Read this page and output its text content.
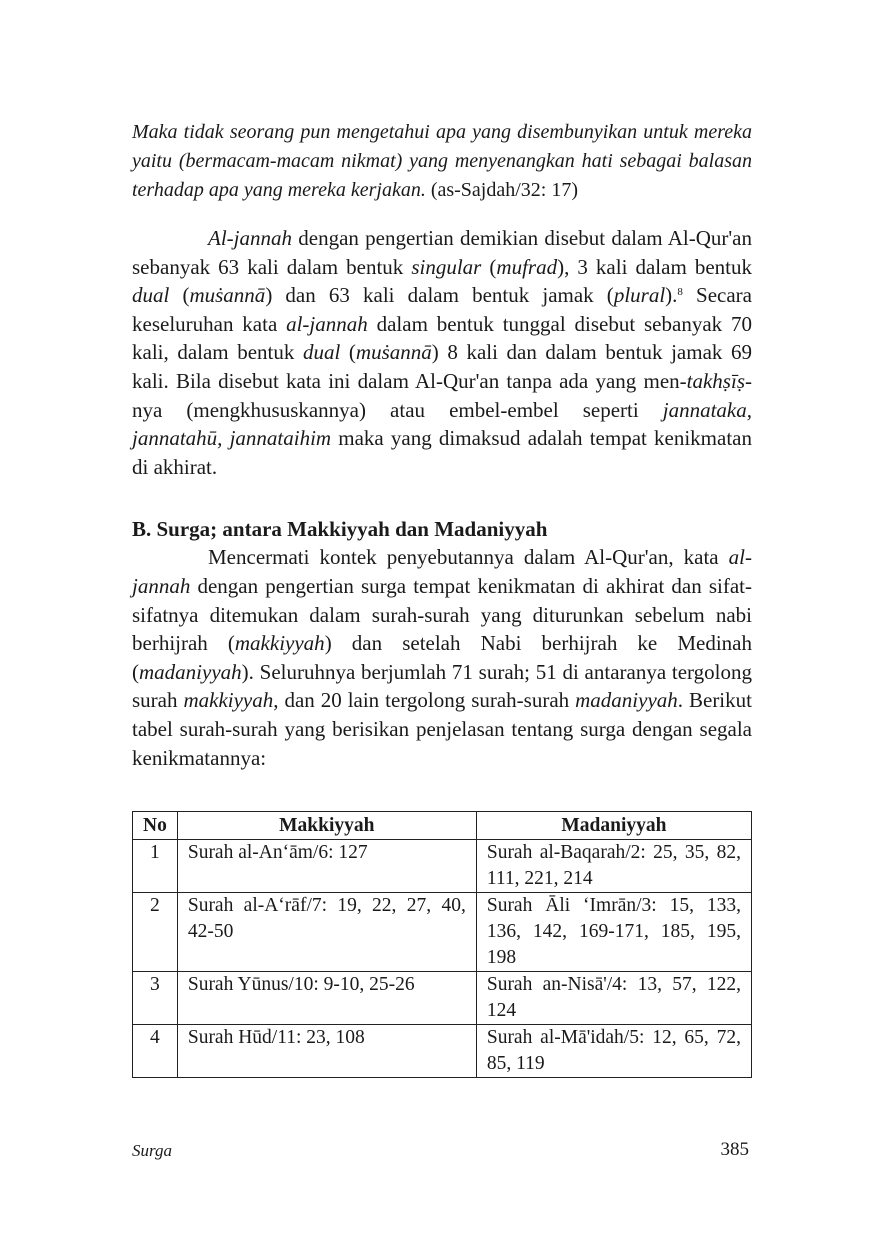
Maka tidak seorang pun mengetahui apa yang disembunyikan untuk mereka yaitu (bermacam-macam nikmat) yang menyenangkan hati sebagai balasan terhadap apa yang mereka kerjakan. (as-Sajdah/32: 17)

Al-jannah dengan pengertian demikian disebut dalam Al-Qur'an sebanyak 63 kali dalam bentuk singular (mufrad), 3 kali dalam bentuk dual (muṡannā) dan 63 kali dalam bentuk jamak (plural).$^8$ Secara keseluruhan kata al-jannah dalam bentuk tunggal disebut sebanyak 70 kali, dalam bentuk dual (muṡannā) 8 kali dan dalam bentuk jamak 69 kali. Bila disebut kata ini dalam Al-Qur'an tanpa ada yang men-takhṣīṣ-nya (mengkhususkannya) atau embel-embel seperti jannataka, jannatahū, jannataihim maka yang dimaksud adalah tempat kenikmatan di akhirat.

B. Surga; antara Makkiyyah dan Madaniyyah

Mencermati kontek penyebutannya dalam Al-Qur'an, kata al-jannah dengan pengertian surga tempat kenikmatan di akhirat dan sifat-sifatnya ditemukan dalam surah-surah yang diturunkan sebelum nabi berhijrah (makkiyyah) dan setelah Nabi berhijrah ke Medinah (madaniyyah). Seluruhnya berjumlah 71 surah; 51 di antaranya tergolong surah makkiyyah, dan 20 lain tergolong surah-surah madaniyyah. Berikut tabel surah-surah yang berisikan penjelasan tentang surga dengan segala kenikmatannya:

No	Makkiyyah	Madaniyyah
1	Surah al-An‘ām/6: 127	Surah al-Baqarah/2: 25, 35, 82, 111, 221, 214
2	Surah al-A‘rāf/7: 19, 22, 27, 40, 42-50	Surah Āli ‘Imrān/3: 15, 133, 136, 142, 169-171, 185, 195, 198
3	Surah Yūnus/10: 9-10, 25-26	Surah an-Nisā'/4: 13, 57, 122, 124
4	Surah Hūd/11: 23, 108	Surah al-Mā'idah/5: 12, 65, 72, 85, 119
Surga	385
